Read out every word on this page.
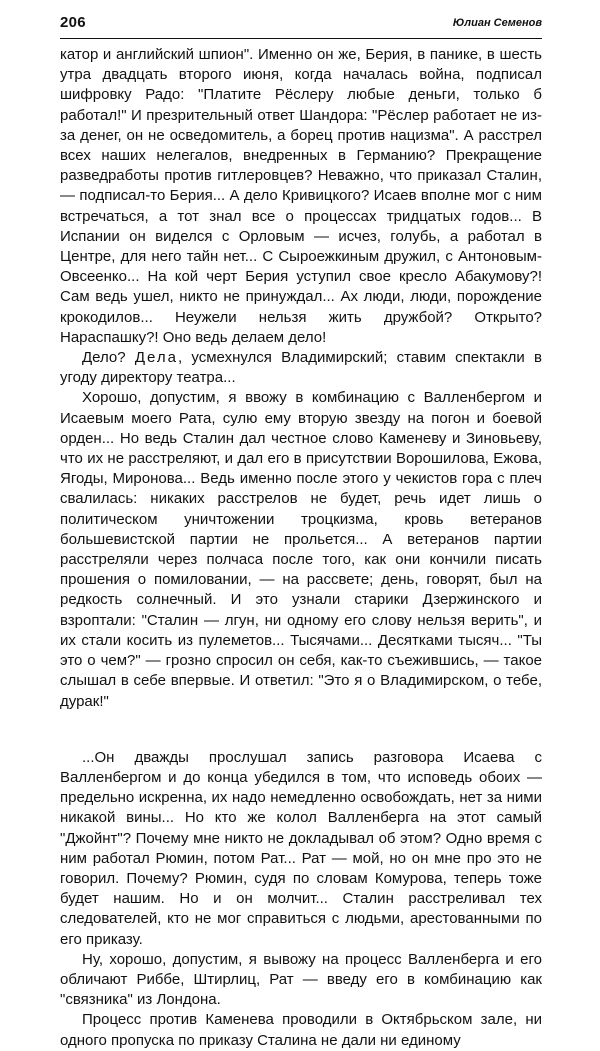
206	Юлиан Семенов

катор и английский шпион". Именно он же, Берия, в панике, в шесть утра двадцать второго июня, когда началась война, подписал шифровку Радо: "Платите Рёслеру любые деньги, только б работал!" И презрительный ответ Шандора: "Рёслер работает не из-за денег, он не осведомитель, а борец против нацизма". А расстрел всех наших нелегалов, внедренных в Германию? Прекращение разведработы против гитлеровцев? Неважно, что приказал Сталин, — подписал-то Берия... А дело Кривицкого? Исаев вполне мог с ним встречаться, а тот знал все о процессах тридцатых годов... В Испании он виделся с Орловым — исчез, голубь, а работал в Центре, для него тайн нет... С Сыроежкиным дружил, с Антоновым-Овсеенко... На кой черт Берия уступил свое кресло Абакумову?! Сам ведь ушел, никто не принуждал... Ах люди, люди, порождение крокодилов... Неужели нельзя жить дружбой? Открыто? Нараспашку?! Оно ведь делаем дело!

Дело? Дела, усмехнулся Владимирский; ставим спектакли в угоду директору театра...

Хорошо, допустим, я ввожу в комбинацию с Валленбергом и Исаевым моего Рата, сулю ему вторую звезду на погон и боевой орден... Но ведь Сталин дал честное слово Каменеву и Зиновьеву, что их не расстреляют, и дал его в присутствии Ворошилова, Ежова, Ягоды, Миронова... Ведь именно после этого у чекистов гора с плеч свалилась: никаких расстрелов не будет, речь идет лишь о политическом уничтожении троцкизма, кровь ветеранов большевистской партии не прольется... А ветеранов партии расстреляли через полчаса после того, как они кончили писать прошения о помиловании, — на рассвете; день, говорят, был на редкость солнечный. И это узнали старики Дзержинского и взроптали: "Сталин — лгун, ни одному его слову нельзя верить", и их стали косить из пулеметов... Тысячами... Десятками тысяч... "Ты это о чем?" — грозно спросил он себя, как-то съежившись, — такое слышал в себе впервые. И ответил: "Это я о Владимирском, о тебе, дурак!"

...Он дважды прослушал запись разговора Исаева с Валленбергом и до конца убедился в том, что исповедь обоих — предельно искренна, их надо немедленно освобождать, нет за ними никакой вины... Но кто же колол Валленберга на этот самый "Джойнт"? Почему мне никто не докладывал об этом? Одно время с ним работал Рюмин, потом Рат... Рат — мой, но он мне про это не говорил. Почему? Рюмин, судя по словам Комурова, теперь тоже будет нашим. Но и он молчит... Сталин расстреливал тех следователей, кто не мог справиться с людьми, арестованными по его приказу.

Ну, хорошо, допустим, я вывожу на процесс Валленберга и его обличают Риббе, Штирлиц, Рат — введу его в комбинацию как "связника" из Лондона.

Процесс против Каменева проводили в Октябрьском зале, ни одного пропуска по приказу Сталина не дали ни единому
